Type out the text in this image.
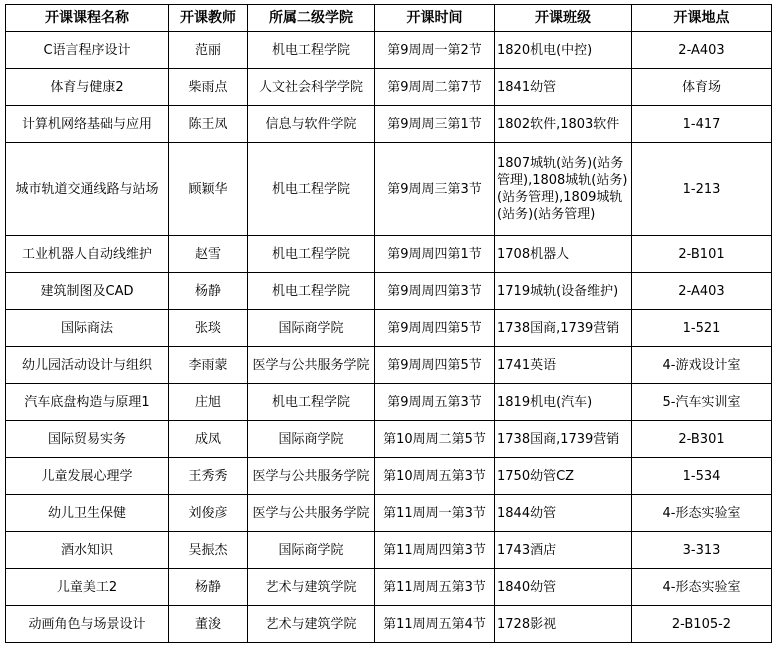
开课课程名称	开课教师	所属二级学院	开课时间	开课班级	开课地点
C语言程序设计	范丽	机电工程学院	第9周周一第2节	1820机电(中控)	2-A403
体育与健康2	柴雨点	人文社会科学学院	第9周周二第7节	1841幼管	体育场
计算机网络基础与应用	陈王凤	信息与软件学院	第9周周三第1节	1802软件,1803软件	1-417
城市轨道交通线路与站场	顾颖华	机电工程学院	第9周周三第3节	1807城轨(站务)(站务管理),1808城轨(站务)(站务管理),1809城轨(站务)(站务管理)	1-213
工业机器人自动线维护	赵雪	机电工程学院	第9周周四第1节	1708机器人	2-B101
建筑制图及CAD	杨静	机电工程学院	第9周周四第3节	1719城轨(设备维护)	2-A403
国际商法	张琰	国际商学院	第9周周四第5节	1738国商,1739营销	1-521
幼儿园活动设计与组织	李雨蒙	医学与公共服务学院	第9周周四第5节	1741英语	4-游戏设计室
汽车底盘构造与原理1	庄旭	机电工程学院	第9周周五第3节	1819机电(汽车)	5-汽车实训室
国际贸易实务	成凤	国际商学院	第10周周二第5节	1738国商,1739营销	2-B301
儿童发展心理学	王秀秀	医学与公共服务学院	第10周周五第3节	1750幼管CZ	1-534
幼儿卫生保健	刘俊彦	医学与公共服务学院	第11周周一第3节	1844幼管	4-形态实验室
酒水知识	吴振杰	国际商学院	第11周周四第3节	1743酒店	3-313
儿童美工2	杨静	艺术与建筑学院	第11周周五第3节	1840幼管	4-形态实验室
动画角色与场景设计	董浚	艺术与建筑学院	第11周周五第4节	1728影视	2-B105-2
